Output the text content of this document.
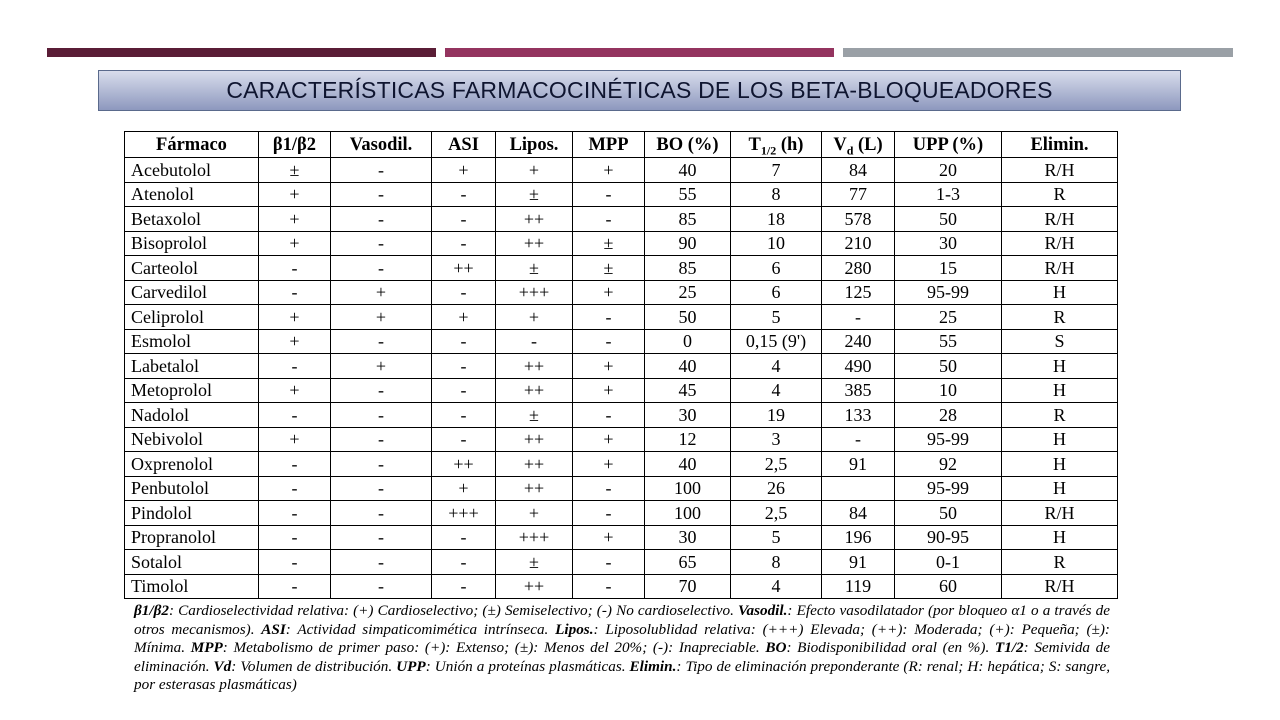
CARACTERÍSTICAS FARMACOCINÉTICAS DE LOS BETA-BLOQUEADORES
Fármaco	β1/β2	Vasodil.	ASI	Lipos.	MPP	BO (%)	$T_{1/2}$ (h)	$V_d$ (L)	UPP (%)	Elimin.
Acebutolol	±	-	+	+	+	40	7	84	20	R/H
Atenolol	+	-	-	±	-	55	8	77	1-3	R
Betaxolol	+	-	-	++	-	85	18	578	50	R/H
Bisoprolol	+	-	-	++	±	90	10	210	30	R/H
Carteolol	-	-	++	±	±	85	6	280	15	R/H
Carvedilol	-	+	-	+++	+	25	6	125	95-99	H
Celiprolol	+	+	+	+	-	50	5	-	25	R
Esmolol	+	-	-	-	-	0	0,15 (9')	240	55	S
Labetalol	-	+	-	++	+	40	4	490	50	H
Metoprolol	+	-	-	++	+	45	4	385	10	H
Nadolol	-	-	-	±	-	30	19	133	28	R
Nebivolol	+	-	-	++	+	12	3	-	95-99	H
Oxprenolol	-	-	++	++	+	40	2,5	91	92	H
Penbutolol	-	-	+	++	-	100	26		95-99	H
Pindolol	-	-	+++	+	-	100	2,5	84	50	R/H
Propranolol	-	-	-	+++	+	30	5	196	90-95	H
Sotalol	-	-	-	±	-	65	8	91	0-1	R
Timolol	-	-	-	++	-	70	4	119	60	R/H
β1/β2: Cardioselectividad relativa: (+) Cardioselectivo; (±) Semiselectivo; (-) No cardioselectivo. Vasodil.: Efecto vasodilatador (por bloqueo α1 o a través de otros mecanismos). ASI: Actividad simpaticomimética intrínseca. Lipos.: Liposolublidad relativa: (+++) Elevada; (++): Moderada; (+): Pequeña; (±): Mínima. MPP: Metabolismo de primer paso: (+): Extenso; (±): Menos del 20%; (-): Inapreciable. BO: Biodisponibilidad oral (en %). T1/2: Semivida de eliminación. Vd: Volumen de distribución. UPP: Unión a proteínas plasmáticas. Elimin.: Tipo de eliminación preponderante (R: renal; H: hepática; S: sangre, por esterasas plasmáticas)
